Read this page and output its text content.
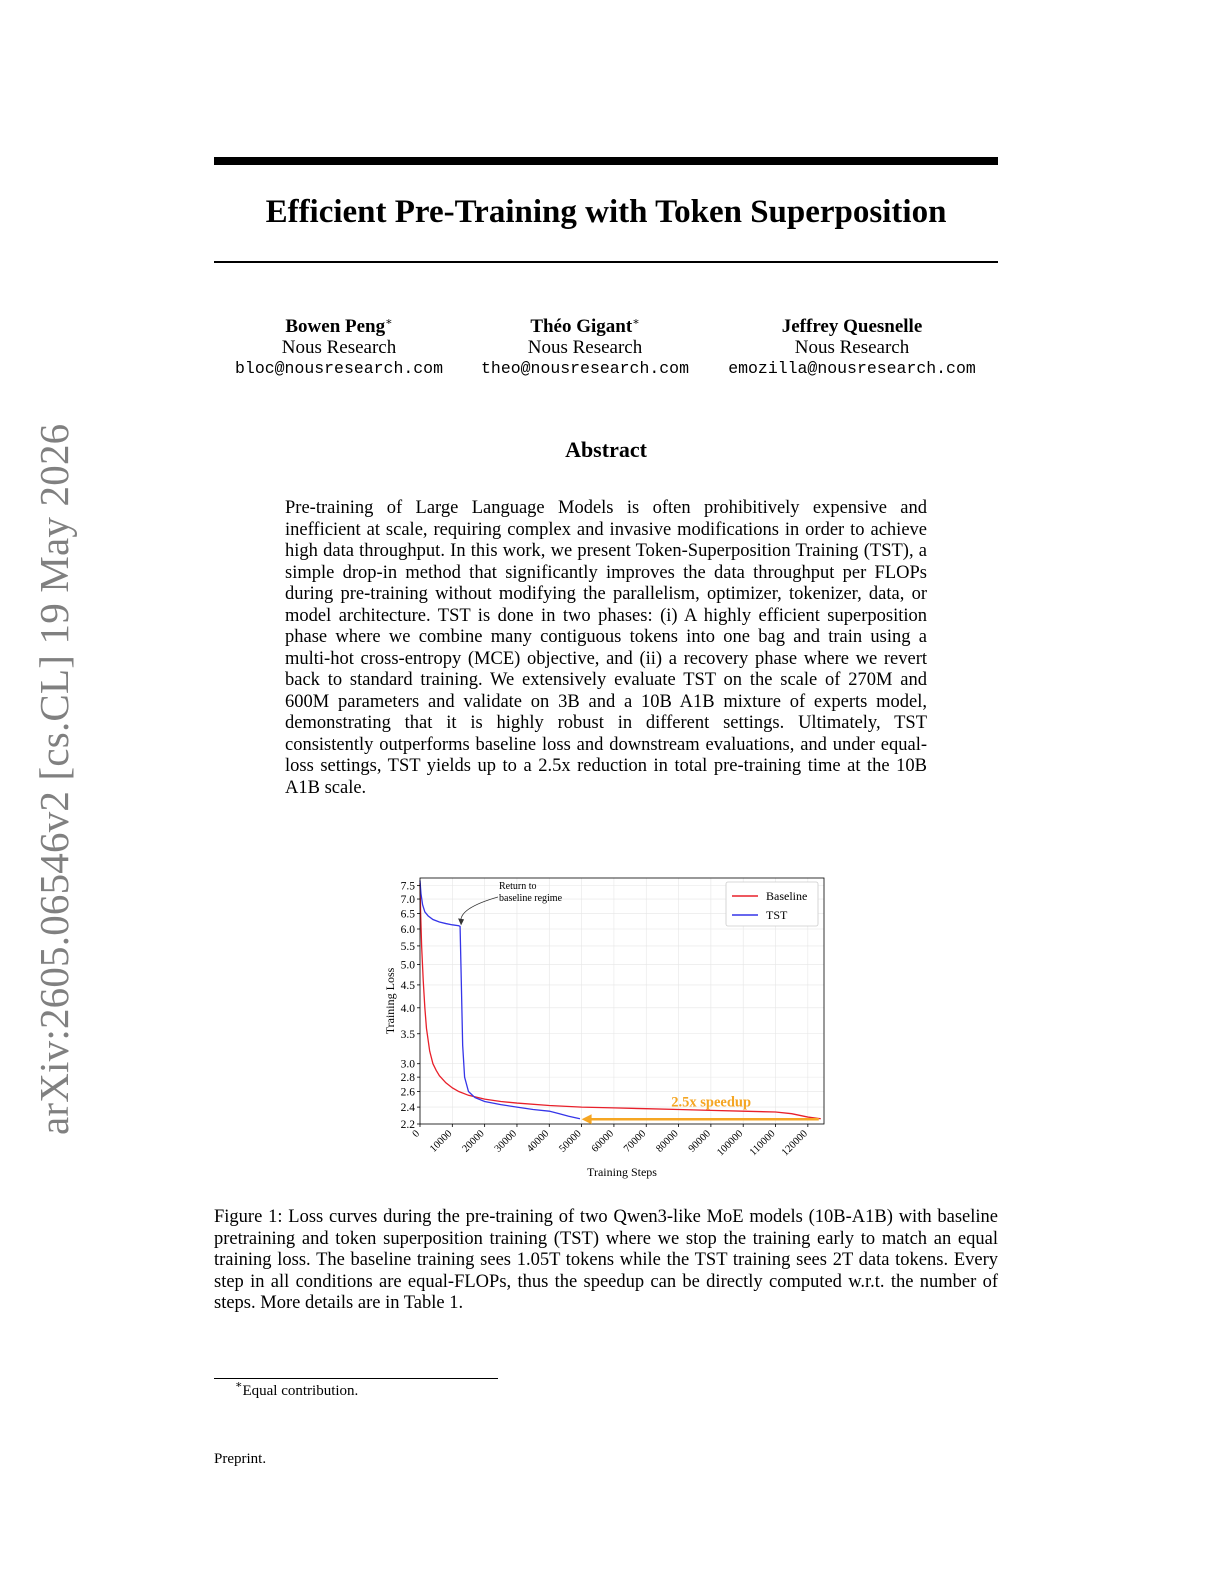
arXiv:2605.06546v2 [cs.CL] 19 May 2026
Efficient Pre-Training with Token Superposition
Bowen Peng∗
Nous Research
bloc@nousresearch.com
Théo Gigant∗
Nous Research
theo@nousresearch.com
Jeffrey Quesnelle
Nous Research
emozilla@nousresearch.com
Abstract
Pre-training of Large Language Models is often prohibitively expensive and inefficient at scale, requiring complex and invasive modifications in order to achieve high data throughput. In this work, we present Token-Superposition Training (TST), a simple drop-in method that significantly improves the data throughput per FLOPs during pre-training without modifying the parallelism, optimizer, tokenizer, data, or model architecture. TST is done in two phases: (i) A highly efficient superposition phase where we combine many contiguous tokens into one bag and train using a multi-hot cross-entropy (MCE) objective, and (ii) a recovery phase where we revert back to standard training. We extensively evaluate TST on the scale of 270M and 600M parameters and validate on 3B and a 10B A1B mixture of experts model, demonstrating that it is highly robust in different settings. Ultimately, TST consistently outperforms baseline loss and downstream evaluations, and under equal-loss settings, TST yields up to a 2.5x reduction in total pre-training time at the 10B A1B scale.
2.2
2.4
2.6
2.8
3.0
3.5
4.0
4.5
5.0
5.5
6.0
6.5
7.0
7.5
0 10000 20000 30000 40000 50000 60000 70000 80000 90000 100000 110000 120000
Return to
baseline regime
2.5x speedup
Baseline
TST
Training Steps
Training Loss
Figure 1: Loss curves during the pre-training of two Qwen3-like MoE models (10B-A1B) with baseline pretraining and token superposition training (TST) where we stop the training early to match an equal training loss. The baseline training sees 1.05T tokens while the TST training sees 2T data tokens. Every step in all conditions are equal-FLOPs, thus the speedup can be directly computed w.r.t. the number of steps. More details are in Table 1.
∗Equal contribution.
Preprint.
